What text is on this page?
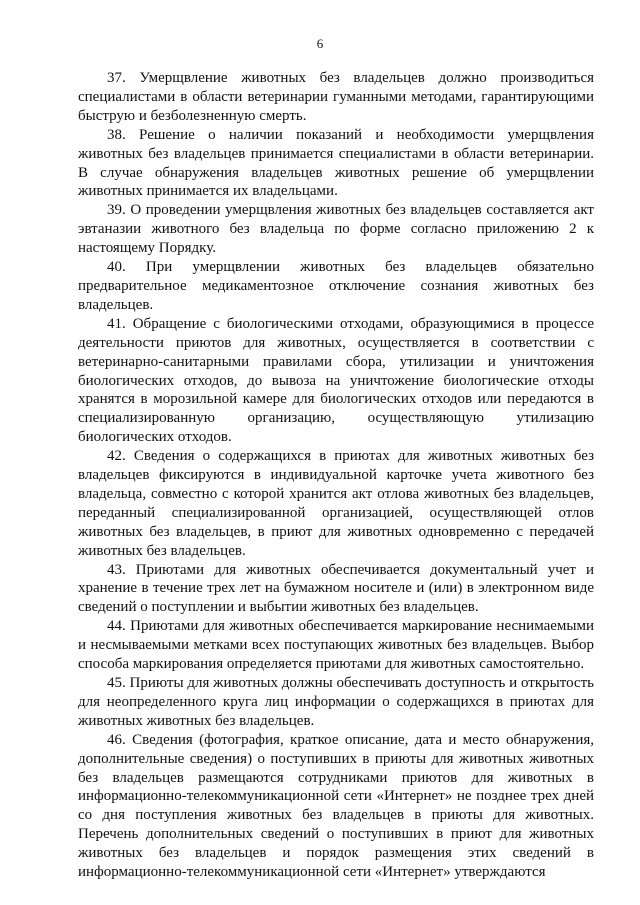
6

37. Умерщвление животных без владельцев должно производиться специалистами в области ветеринарии гуманными методами, гарантирующими быструю и безболезненную смерть.

38. Решение о наличии показаний и необходимости умерщвления животных без владельцев принимается специалистами в области ветеринарии. В случае обнаружения владельцев животных решение об умерщвлении животных принимается их владельцами.

39. О проведении умерщвления животных без владельцев составляется акт эвтаназии животного без владельца по форме согласно приложению 2 к настоящему Порядку.

40. При умерщвлении животных без владельцев обязательно предварительное медикаментозное отключение сознания животных без владельцев.

41. Обращение с биологическими отходами, образующимися в процессе деятельности приютов для животных, осуществляется в соответствии с ветеринарно-санитарными правилами сбора, утилизации и уничтожения биологических отходов, до вывоза на уничтожение биологические отходы хранятся в морозильной камере для биологических отходов или передаются в специализированную организацию, осуществляющую утилизацию биологических отходов.

42. Сведения о содержащихся в приютах для животных животных без владельцев фиксируются в индивидуальной карточке учета животного без владельца, совместно с которой хранится акт отлова животных без владельцев, переданный специализированной организацией, осуществляющей отлов животных без владельцев, в приют для животных одновременно с передачей животных без владельцев.

43. Приютами для животных обеспечивается документальный учет и хранение в течение трех лет на бумажном носителе и (или) в электронном виде сведений о поступлении и выбытии животных без владельцев.

44. Приютами для животных обеспечивается маркирование неснимаемыми и несмываемыми метками всех поступающих животных без владельцев. Выбор способа маркирования определяется приютами для животных самостоятельно.

45. Приюты для животных должны обеспечивать доступность и открытость для неопределенного круга лиц информации о содержащихся в приютах для животных животных без владельцев.

46. Сведения (фотография, краткое описание, дата и место обнаружения, дополнительные сведения) о поступивших в приюты для животных животных без владельцев размещаются сотрудниками приютов для животных в информационно-телекоммуникационной сети «Интернет» не позднее трех дней со дня поступления животных без владельцев в приюты для животных. Перечень дополнительных сведений о поступивших в приют для животных животных без владельцев и порядок размещения этих сведений в информационно-телекоммуникационной сети «Интернет» утверждаются
